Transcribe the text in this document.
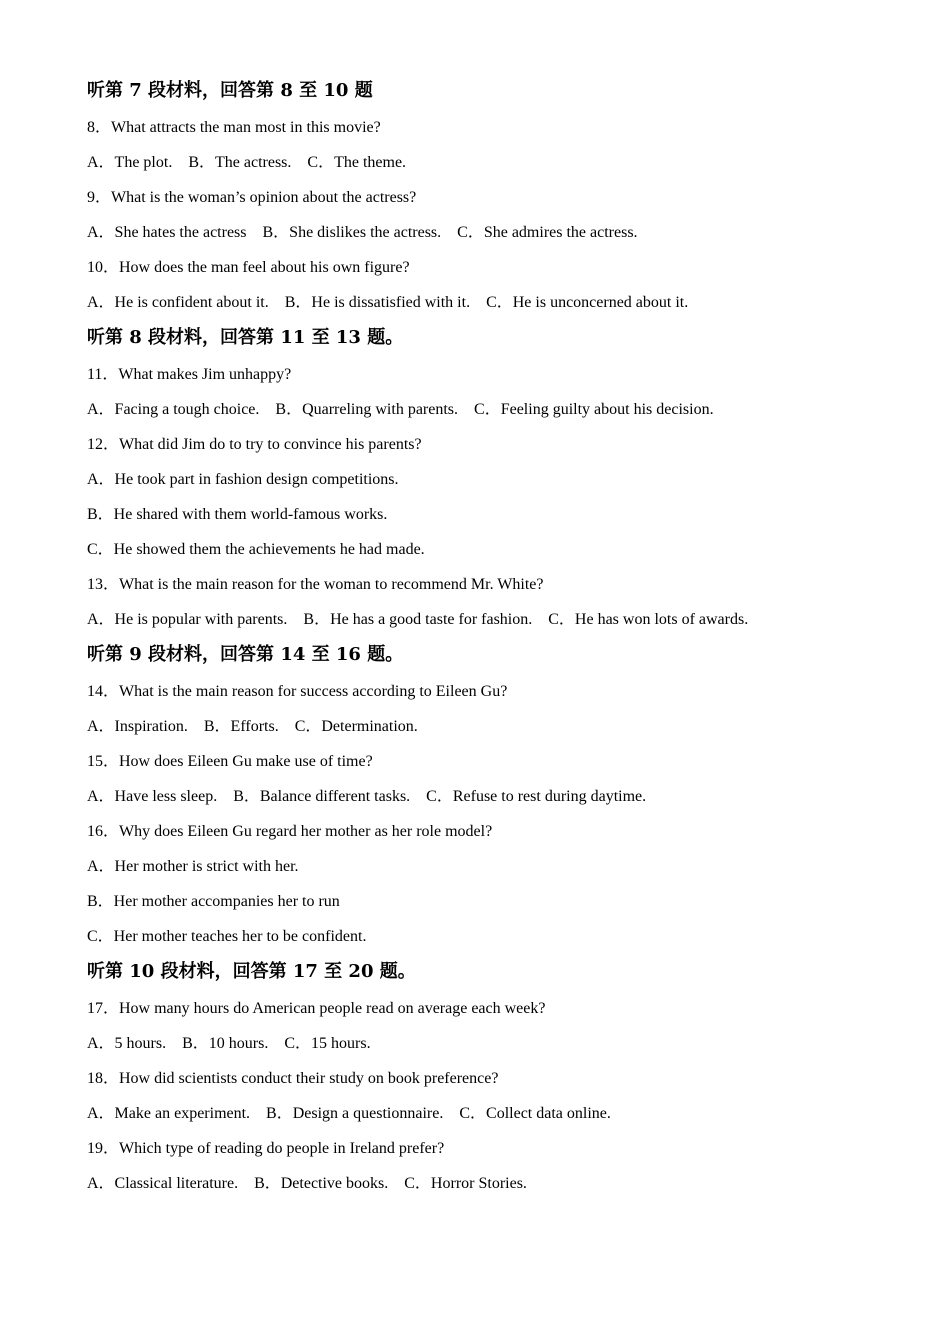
听第 7 段材料，回答第 8 至 10 题
8．What attracts the man most in this movie?
A．The plot.    B．The actress.    C．The theme.
9．What is the woman’s opinion about the actress?
A．She hates the actress    B．She dislikes the actress.    C．She admires the actress.
10．How does the man feel about his own figure?
A．He is confident about it.    B．He is dissatisfied with it.    C．He is unconcerned about it.
听第 8 段材料，回答第 11 至 13 题。
11．What makes Jim unhappy?
A．Facing a tough choice.    B．Quarreling with parents.    C．Feeling guilty about his decision.
12．What did Jim do to try to convince his parents?
A．He took part in fashion design competitions.
B．He shared with them world-famous works.
C．He showed them the achievements he had made.
13．What is the main reason for the woman to recommend Mr. White?
A．He is popular with parents.    B．He has a good taste for fashion.    C．He has won lots of awards.
听第 9 段材料，回答第 14 至 16 题。
14．What is the main reason for success according to Eileen Gu?
A．Inspiration.    B．Efforts.    C．Determination.
15．How does Eileen Gu make use of time?
A．Have less sleep.    B．Balance different tasks.    C．Refuse to rest during daytime.
16．Why does Eileen Gu regard her mother as her role model?
A．Her mother is strict with her.
B．Her mother accompanies her to run
C．Her mother teaches her to be confident.
听第 10 段材料，回答第 17 至 20 题。
17．How many hours do American people read on average each week?
A．5 hours.    B．10 hours.    C．15 hours.
18．How did scientists conduct their study on book preference?
A．Make an experiment.    B．Design a questionnaire.    C．Collect data online.
19．Which type of reading do people in Ireland prefer?
A．Classical literature.    B．Detective books.    C．Horror Stories.
